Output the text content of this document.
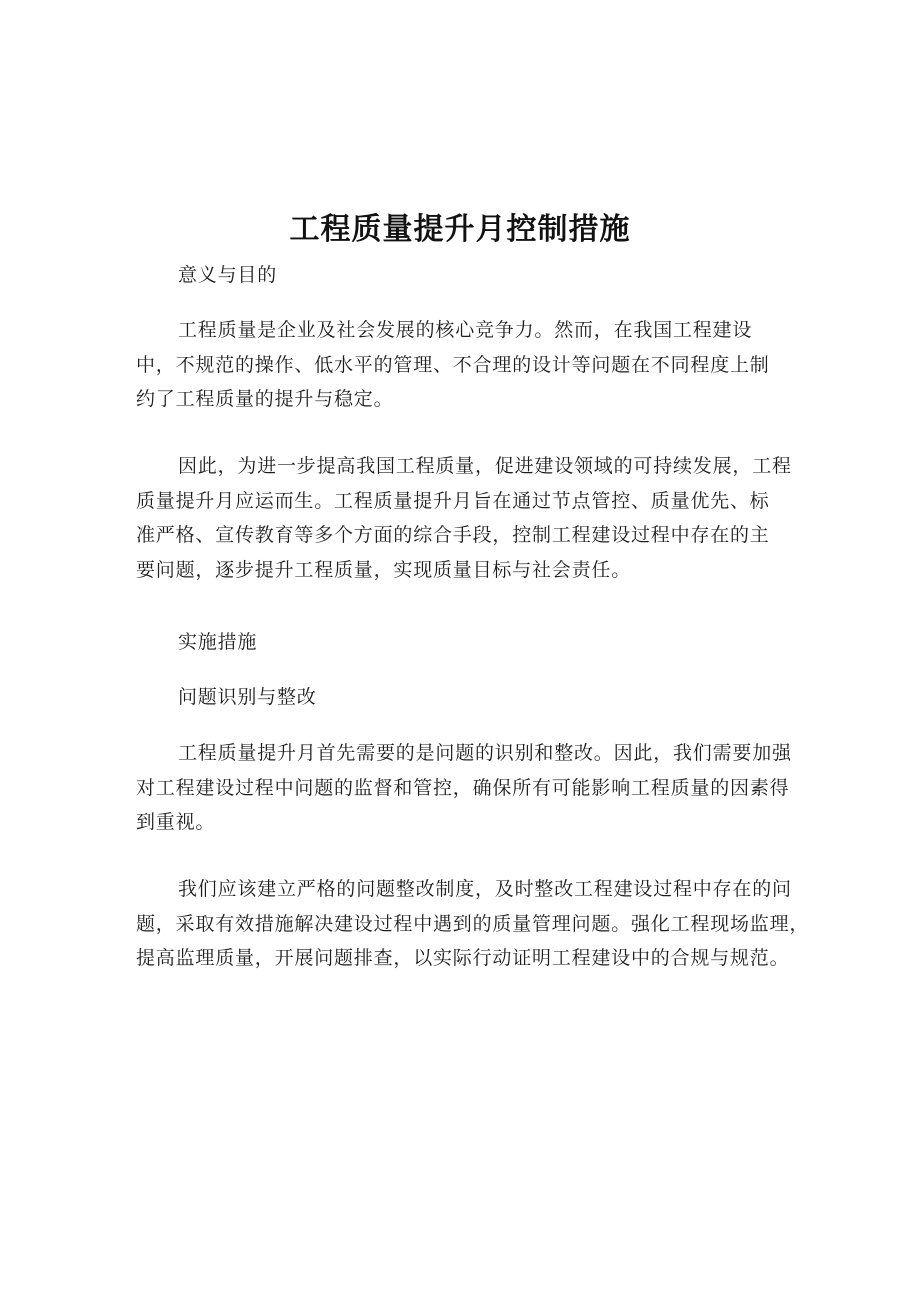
工程质量提升月控制措施
意义与目的
工程质量是企业及社会发展的核心竞争力。然而，在我国工程建设
中，不规范的操作、低水平的管理、不合理的设计等问题在不同程度上制
约了工程质量的提升与稳定。
因此，为进一步提高我国工程质量，促进建设领域的可持续发展，工程
质量提升月应运而生。工程质量提升月旨在通过节点管控、质量优先、标
准严格、宣传教育等多个方面的综合手段，控制工程建设过程中存在的主
要问题，逐步提升工程质量，实现质量目标与社会责任。
实施措施
问题识别与整改
工程质量提升月首先需要的是问题的识别和整改。因此，我们需要加强
对工程建设过程中问题的监督和管控，确保所有可能影响工程质量的因素得
到重视。
我们应该建立严格的问题整改制度，及时整改工程建设过程中存在的问
题，采取有效措施解决建设过程中遇到的质量管理问题。强化工程现场监理，
提高监理质量，开展问题排查，以实际行动证明工程建设中的合规与规范。
